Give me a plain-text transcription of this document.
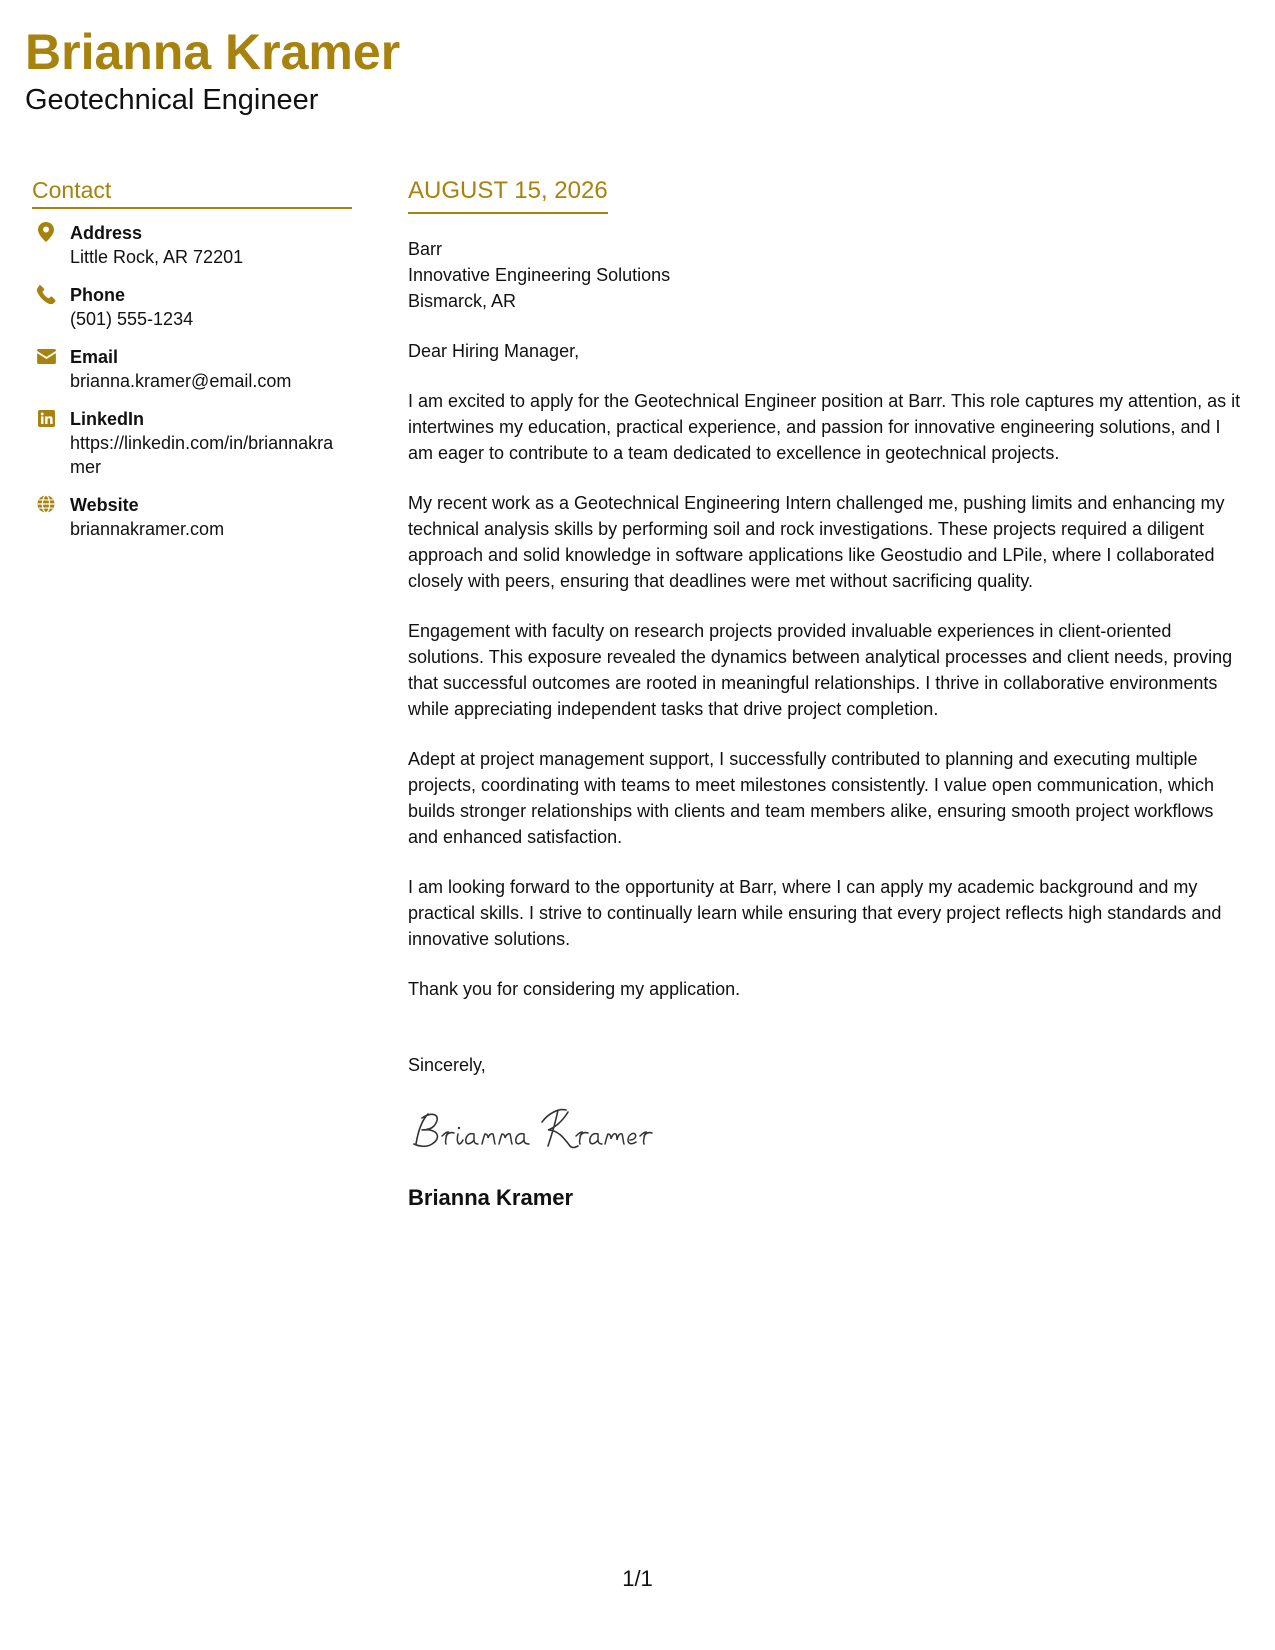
Brianna Kramer
Geotechnical Engineer
Contact
Address
Little Rock, AR 72201
Phone
(501) 555-1234
Email
brianna.kramer@email.com
LinkedIn
https://linkedin.com/in/briannakramer
Website
briannakramer.com
AUGUST 15, 2026
Barr
Innovative Engineering Solutions
Bismarck, AR
Dear Hiring Manager,
I am excited to apply for the Geotechnical Engineer position at Barr. This role captures my attention, as it intertwines my education, practical experience, and passion for innovative engineering solutions, and I am eager to contribute to a team dedicated to excellence in geotechnical projects.
My recent work as a Geotechnical Engineering Intern challenged me, pushing limits and enhancing my technical analysis skills by performing soil and rock investigations. These projects required a diligent approach and solid knowledge in software applications like Geostudio and LPile, where I collaborated closely with peers, ensuring that deadlines were met without sacrificing quality.
Engagement with faculty on research projects provided invaluable experiences in client-oriented solutions. This exposure revealed the dynamics between analytical processes and client needs, proving that successful outcomes are rooted in meaningful relationships. I thrive in collaborative environments while appreciating independent tasks that drive project completion.
Adept at project management support, I successfully contributed to planning and executing multiple projects, coordinating with teams to meet milestones consistently. I value open communication, which builds stronger relationships with clients and team members alike, ensuring smooth project workflows and enhanced satisfaction.
I am looking forward to the opportunity at Barr, where I can apply my academic background and my practical skills. I strive to continually learn while ensuring that every project reflects high standards and innovative solutions.
Thank you for considering my application.
Sincerely,
Brianna Kramer
1/1
